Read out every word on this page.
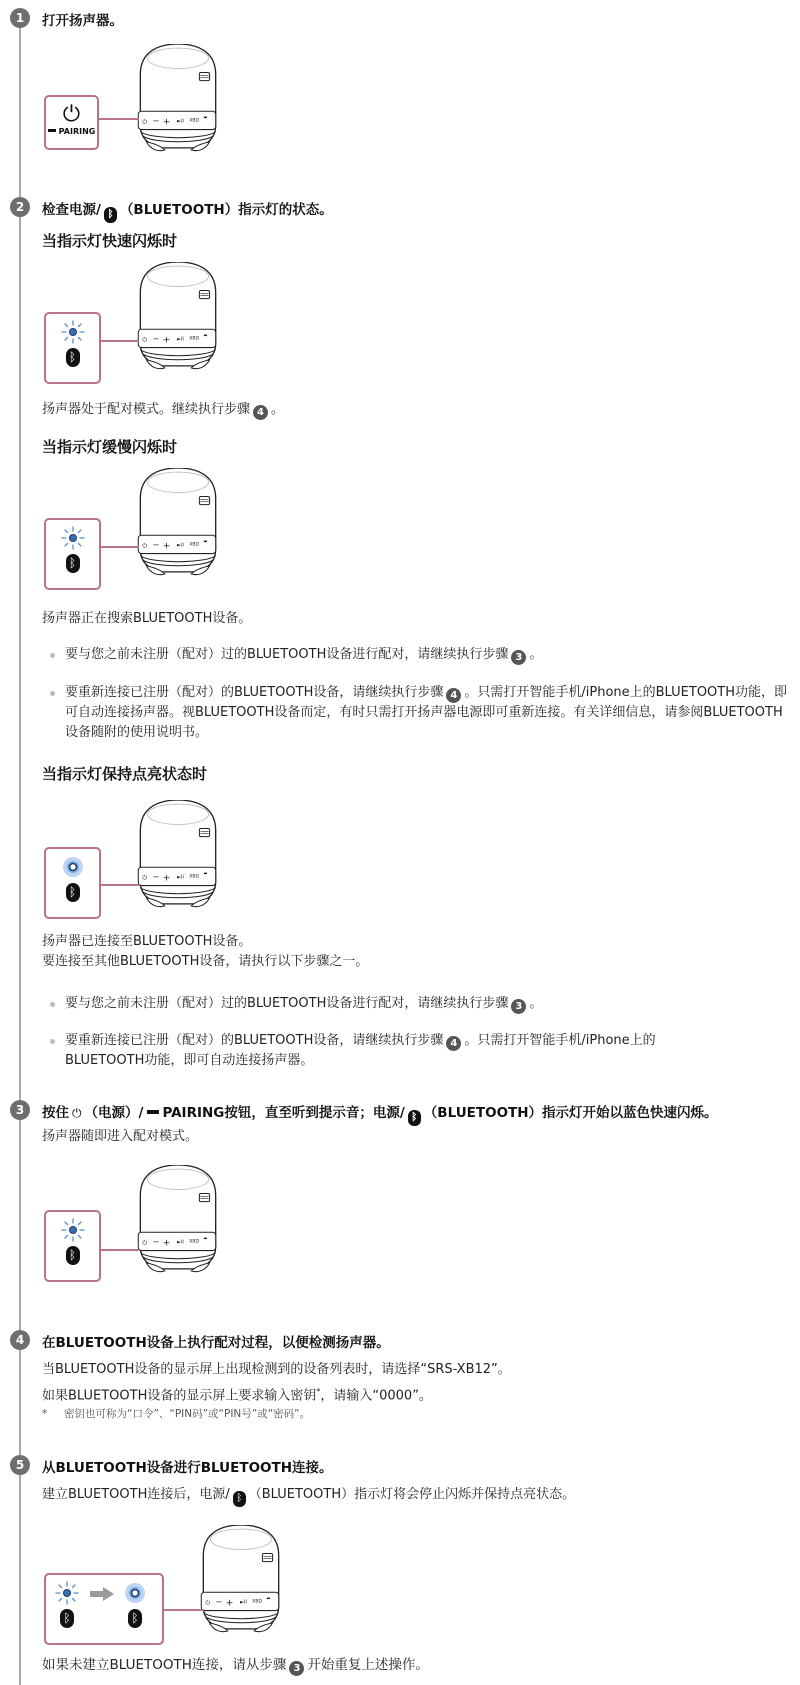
1	打开扬声器。
⏻
PAIRING
2	检查电源/ ᛒ （BLUETOOTH）指示灯的状态。
当指示灯快速闪烁时

ᛒ
扬声器处于配对模式。继续执行步骤 4 。
当指示灯缓慢闪烁时

ᛒ
扬声器正在搜索BLUETOOTH设备。
要与您之前未注册（配对）过的BLUETOOTH设备进行配对，请继续执行步骤 3 。
要重新连接已注册（配对）的BLUETOOTH设备，请继续执行步骤 4 。只需打开智能手机/iPhone上的BLUETOOTH功能，即可自动连接扬声器。视BLUETOOTH设备而定，有时只需打开扬声器电源即可重新连接。有关详细信息，请参阅BLUETOOTH设备随附的使用说明书。
当指示灯保持点亮状态时

ᛒ
扬声器已连接至BLUETOOTH设备。
要连接至其他BLUETOOTH设备，请执行以下步骤之一。
要与您之前未注册（配对）过的BLUETOOTH设备进行配对，请继续执行步骤 3 。
要重新连接已注册（配对）的BLUETOOTH设备，请继续执行步骤 4 。只需打开智能手机/iPhone上的BLUETOOTH功能，即可自动连接扬声器。
3	按住 ⏻ （电源）/ PAIRING按钮，直至听到提示音；电源/ ᛒ （BLUETOOTH）指示灯开始以蓝色快速闪烁。
扬声器随即进入配对模式。

ᛒ
4	在BLUETOOTH设备上执行配对过程，以便检测扬声器。
当BLUETOOTH设备的显示屏上出现检测到的设备列表时，请选择“SRS-XB12”。
如果BLUETOOTH设备的显示屏上要求输入密钥*，请输入“0000”。
* 密钥也可称为“口令”、“PIN码”或“PIN号”或“密码”。
5	从BLUETOOTH设备进行BLUETOOTH连接。
建立BLUETOOTH连接后，电源/ ᛒ （BLUETOOTH）指示灯将会停止闪烁并保持点亮状态。

ᛒ	ᛒ
如果未建立BLUETOOTH连接，请从步骤 3 开始重复上述操作。
